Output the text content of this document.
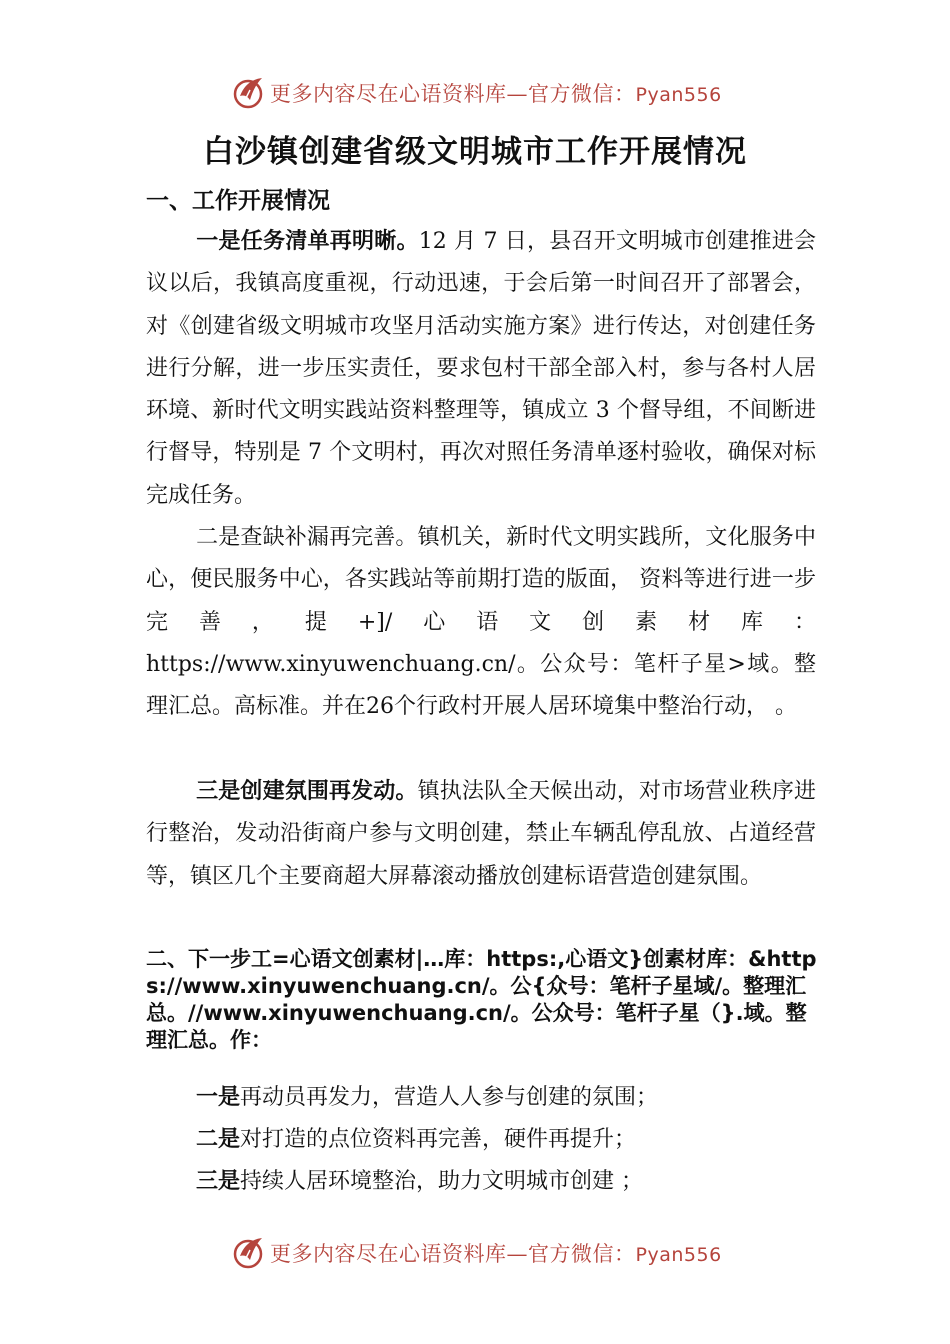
更多内容尽在心语资料库—官方微信：Pyan556
白沙镇创建省级文明城市工作开展情况
一、工作开展情况

一是任务清单再明晰。12 月 7 日，县召开文明城市创建推进会议以后，我镇高度重视，行动迅速，于会后第一时间召开了部署会，对《创建省级文明城市攻坚月活动实施方案》进行传达，对创建任务进行分解，进一步压实责任，要求包村干部全部入村，参与各村人居环境、新时代文明实践站资料整理等，镇成立 3 个督导组，不间断进行督导，特别是 7 个文明村，再次对照任务清单逐村验收，确保对标完成任务。

二是查缺补漏再完善。镇机关，新时代文明实践所，文化服务中心，便民服务中心，各实践站等前期打造的版面， 资料等进行进一步完善，提+]/心语文创素材库：https://www.xinyuwenchuang.cn/。公众号：笔杆子星>域。整理汇总。高标准。并在26个行政村开展人居环境集中整治行动， 。

三是创建氛围再发动。镇执法队全天候出动，对市场营业秩序进行整治，发动沿街商户参与文明创建，禁止车辆乱停乱放、占道经营等，镇区几个主要商超大屏幕滚动播放创建标语营造创建氛围。

二、下一步工=心语文创素材|…库：https:,心语文}创素材库：&https://www.xinyuwenchuang.cn/。公{众号：笔杆子星域/。整理汇总。//www.xinyuwenchuang.cn/。公众号：笔杆子星（}.域。整理汇总。作：

一是再动员再发力，营造人人参与创建的氛围；

二是对打造的点位资料再完善，硬件再提升；

三是持续人居环境整治，助力文明城市创建 ；

更多内容尽在心语资料库—官方微信：Pyan556
